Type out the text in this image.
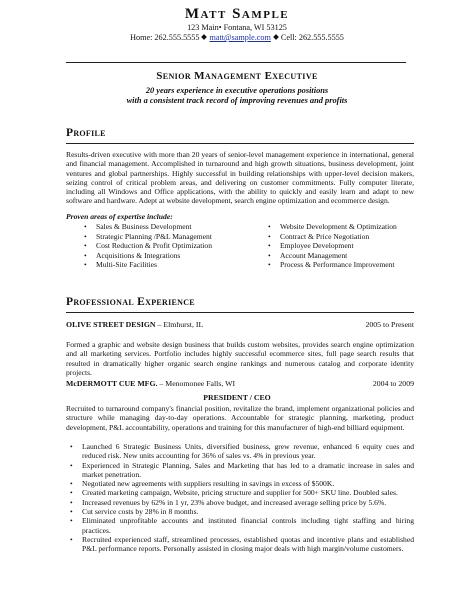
Matt Sample
123 Main• Fontana, WI 53125
Home: 262.555.5555 matt@sample.com Cell: 262.555.5555
Senior Management Executive
20 years experience in executive operations positions
with a consistent track record of improving revenues and profits
Profile
Results-driven executive with more than 20 years of senior-level management experience in international, general and financial management. Accomplished in turnaround and high growth situations, business development, joint ventures and global partnerships. Highly successful in building relationships with upper-level decision makers, seizing control of critical problem areas, and delivering on customer commitments. Fully computer literate, including all Windows and Office applications, with the ability to quickly and easily learn and adapt to new software and hardware. Adept at website development, search engine optimization and ecommerce design.
Proven areas of expertise include:
• Sales & Business Development
• Strategic Planning /P&L Management
• Cost Reduction & Profit Optimization
• Acquisitions & Integrations
• Multi-Site Facilities
• Website Development & Optimization
• Contract & Price Negotiation
• Employee Development
• Account Management
• Process & Performance Improvement
Professional Experience
OLIVE STREET DESIGN – Elmhurst, IL	2005 to Present
Formed a graphic and website design business that builds custom websites, provides search engine optimization and all marketing services. Portfolio includes highly successful ecommerce sites, full page search results that resulted in dramatically higher organic search engine rankings and numerous catalog and corporate identity projects.
McDERMOTT CUE MFG. – Menomonee Falls, WI	2004 to 2009
PRESIDENT / CEO
Recruited to turnaround company's financial position, revitalize the brand, implement organizational policies and structure while managing day-to-day operations. Accountable for strategic planning, marketing, product development, P&L accountability, operations and training for this manufacturer of high-end billiard equipment.
• Launched 6 Strategic Business Units, diversified business, grew revenue, enhanced 6 equity cues and reduced risk. New units accounting for 36% of sales vs. 4% in previous year.
• Experienced in Strategic Planning, Sales and Marketing that has led to a dramatic increase in sales and market penetration.
• Negotiated new agreements with suppliers resulting in savings in excess of $500K.
• Created marketing campaign, Website, pricing structure and supplier for 500+ SKU line. Doubled sales.
• Increased revenues by 62% in 1 yr, 23% above budget, and increased average selling price by 5.6%.
• Cut service costs by 28% in 8 months.
• Eliminated unprofitable accounts and instituted financial controls including tight staffing and hiring practices.
• Recruited experienced staff, streamlined processes, established quotas and incentive plans and established P&L performance reports. Personally assisted in closing major deals with high margin/volume customers.
